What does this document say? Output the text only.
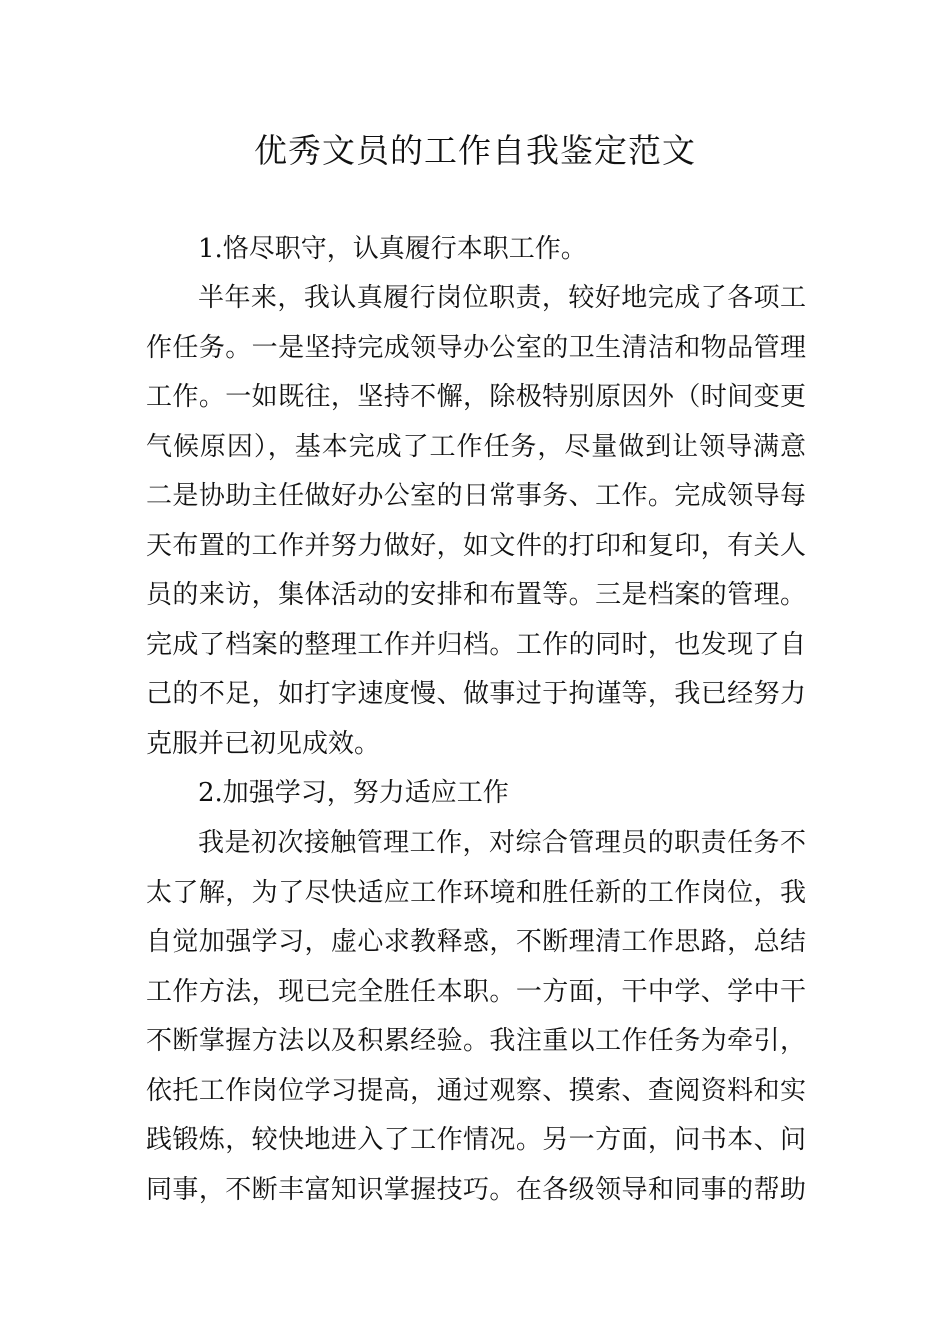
优秀文员的工作自我鉴定范文

1.恪尽职守，认真履行本职工作。

半年来，我认真履行岗位职责，较好地完成了各项工

作任务。一是坚持完成领导办公室的卫生清洁和物品管理

工作。一如既往，坚持不懈，除极特别原因外（时间变更

气候原因），基本完成了工作任务，尽量做到让领导满意

二是协助主任做好办公室的日常事务、工作。完成领导每

天布置的工作并努力做好，如文件的打印和复印，有关人

员的来访，集体活动的安排和布置等。三是档案的管理。

完成了档案的整理工作并归档。工作的同时，也发现了自

己的不足，如打字速度慢、做事过于拘谨等，我已经努力

克服并已初见成效。

2.加强学习，努力适应工作

我是初次接触管理工作，对综合管理员的职责任务不

太了解，为了尽快适应工作环境和胜任新的工作岗位，我

自觉加强学习，虚心求教释惑，不断理清工作思路，总结

工作方法，现已完全胜任本职。一方面，干中学、学中干

不断掌握方法以及积累经验。我注重以工作任务为牵引，

依托工作岗位学习提高，通过观察、摸索、查阅资料和实

践锻炼，较快地进入了工作情况。另一方面，问书本、问

同事，不断丰富知识掌握技巧。在各级领导和同事的帮助
